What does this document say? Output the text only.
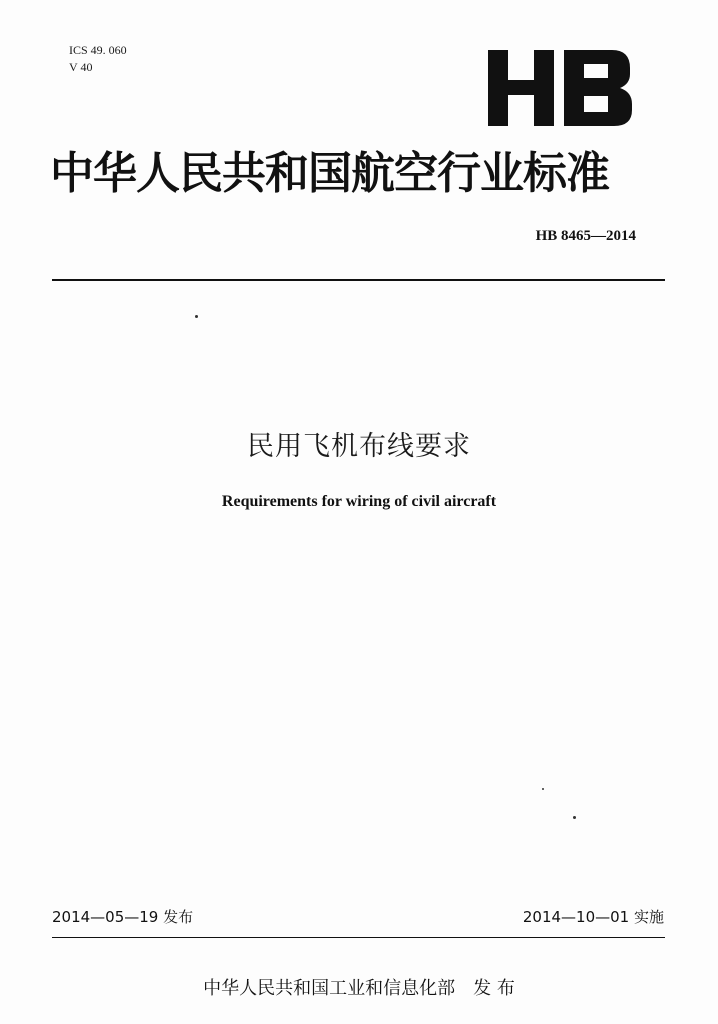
ICS 49. 060
V 40
中华人民共和国航空行业标准
HB 8465—2014
民用飞机布线要求
Requirements for wiring of civil aircraft
2014—05—19 发布	2014—10—01 实施
中华人民共和国工业和信息化部 发 布
